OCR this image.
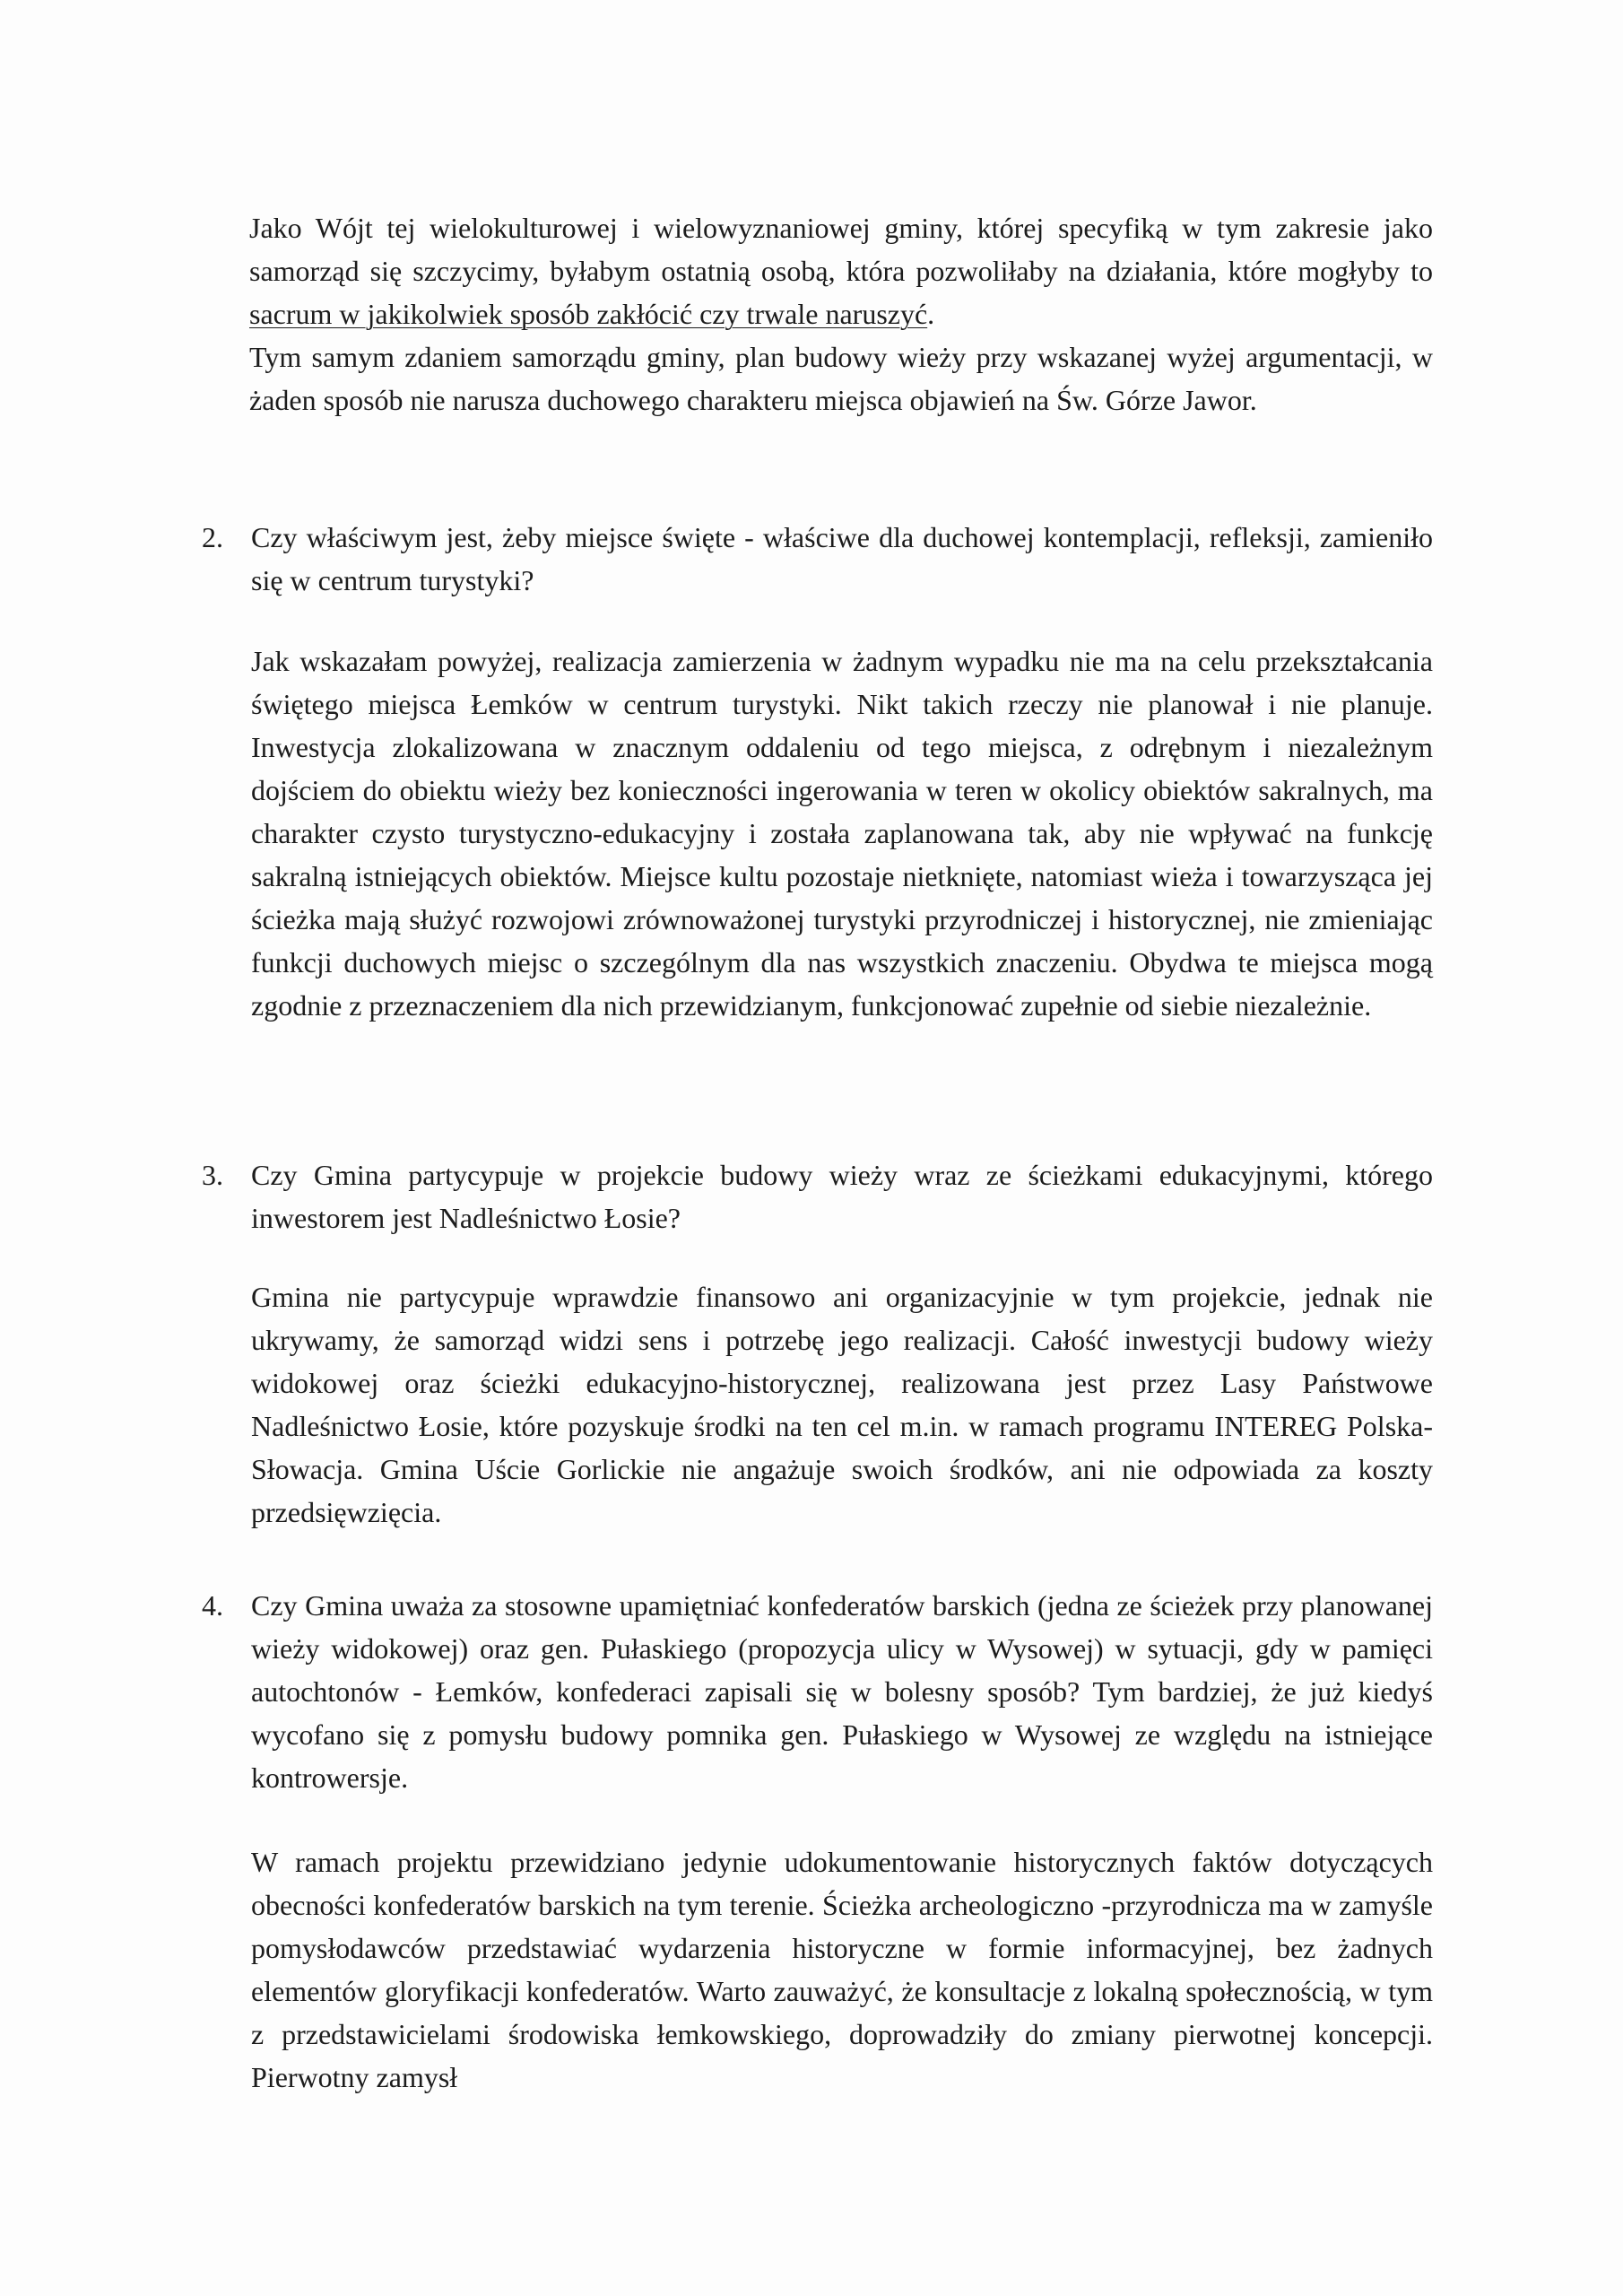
Jako Wójt tej wielokulturowej i wielowyznaniowej gminy, której specyfiką w tym zakresie jako samorząd się szczycimy, byłabym ostatnią osobą, która pozwoliłaby na działania, które mogłyby to sacrum w jakikolwiek sposób zakłócić czy trwale naruszyć.

Tym samym zdaniem samorządu gminy, plan budowy wieży przy wskazanej wyżej argumentacji, w żaden sposób nie narusza duchowego charakteru miejsca objawień na Św. Górze Jawor.

2. Czy właściwym jest, żeby miejsce święte - właściwe dla duchowej kontemplacji, refleksji, zamieniło się w centrum turystyki?

Jak wskazałam powyżej, realizacja zamierzenia w żadnym wypadku nie ma na celu przekształcania świętego miejsca Łemków w centrum turystyki. Nikt takich rzeczy nie planował i nie planuje. Inwestycja zlokalizowana w znacznym oddaleniu od tego miejsca, z odrębnym i niezależnym dojściem do obiektu wieży bez konieczności ingerowania w teren w okolicy obiektów sakralnych, ma charakter czysto turystyczno-edukacyjny i została zaplanowana tak, aby nie wpływać na funkcję sakralną istniejących obiektów. Miejsce kultu pozostaje nietknięte, natomiast wieża i towarzysząca jej ścieżka mają służyć rozwojowi zrównoważonej turystyki przyrodniczej i historycznej, nie zmieniając funkcji duchowych miejsc o szczególnym dla nas wszystkich znaczeniu. Obydwa te miejsca mogą zgodnie z przeznaczeniem dla nich przewidzianym, funkcjonować zupełnie od siebie niezależnie.

3. Czy Gmina partycypuje w projekcie budowy wieży wraz ze ścieżkami edukacyjnymi, którego inwestorem jest Nadleśnictwo Łosie?

Gmina nie partycypuje wprawdzie finansowo ani organizacyjnie w tym projekcie, jednak nie ukrywamy, że samorząd widzi sens i potrzebę jego realizacji. Całość inwestycji budowy wieży widokowej oraz ścieżki edukacyjno-historycznej, realizowana jest przez Lasy Państwowe Nadleśnictwo Łosie, które pozyskuje środki na ten cel m.in. w ramach programu INTEREG Polska-Słowacja. Gmina Uście Gorlickie nie angażuje swoich środków, ani nie odpowiada za koszty przedsięwzięcia.

4. Czy Gmina uważa za stosowne upamiętniać konfederatów barskich (jedna ze ścieżek przy planowanej wieży widokowej) oraz gen. Pułaskiego (propozycja ulicy w Wysowej) w sytuacji, gdy w pamięci autochtonów - Łemków, konfederaci zapisali się w bolesny sposób? Tym bardziej, że już kiedyś wycofano się z pomysłu budowy pomnika gen. Pułaskiego w Wysowej ze względu na istniejące kontrowersje.

W ramach projektu przewidziano jedynie udokumentowanie historycznych faktów dotyczących obecności konfederatów barskich na tym terenie. Ścieżka archeologiczno -przyrodnicza ma w zamyśle pomysłodawców przedstawiać wydarzenia historyczne w formie informacyjnej, bez żadnych elementów gloryfikacji konfederatów. Warto zauważyć, że konsultacje z lokalną społecznością, w tym z przedstawicielami środowiska łemkowskiego, doprowadziły do zmiany pierwotnej koncepcji. Pierwotny zamysł
